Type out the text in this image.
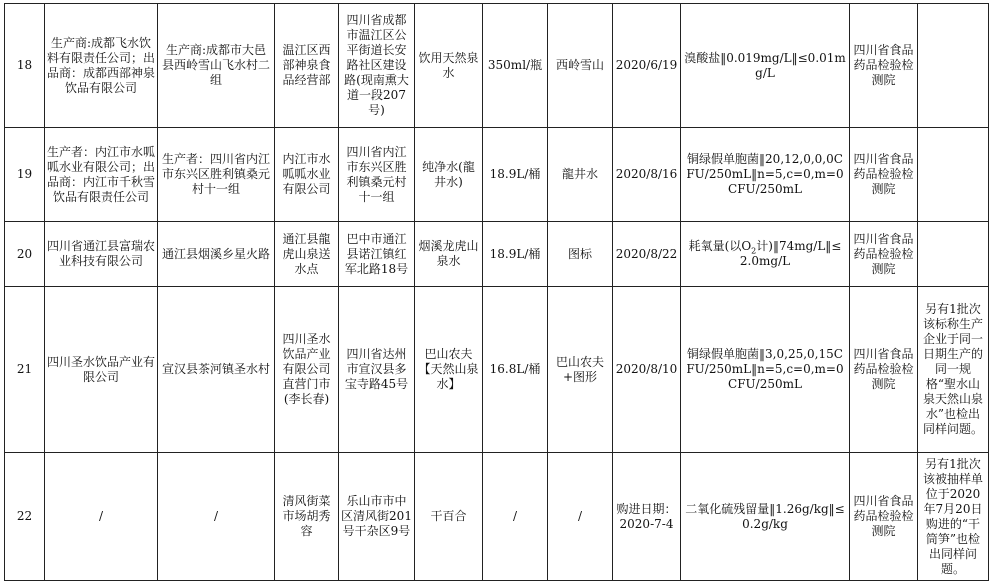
18	生产商:成都飞水饮料有限责任公司；出品商：成都西部神泉饮品有限公司	生产商:成都市大邑县西岭雪山飞水村二组	温江区西部神泉食品经营部	四川省成都市温江区公平街道长安路社区建设路(现南熏大道一段207号)	饮用天然泉水	350ml/瓶	西岭雪山	2020/6/19	溴酸盐‖0.019mg/L‖≤0.01mg/L	四川省食品药品检验检测院	
19	生产者：内江市水呱呱水业有限公司；出品商：内江市千秋雪饮品有限责任公司	生产者：四川省内江市东兴区胜利镇桑元村十一组	内江市水呱呱水业有限公司	四川省内江市东兴区胜利镇桑元村十一组	纯净水(龍井水)	18.9L/桶	龍井水	2020/8/16	铜绿假单胞菌‖20,12,0,0,0CFU/250mL‖n=5,c=0,m=0CFU/250mL	四川省食品药品检验检测院	
20	四川省通江县富瑞农业科技有限公司	通江县烟溪乡星火路	通江县龍虎山泉送水点	巴中市通江县诺江镇红军北路18号	烟溪龙虎山泉水	18.9L/桶	图标	2020/8/22	耗氧量(以$O_2$计)‖74mg/L‖≤2.0mg/L	四川省食品药品检验检测院	
21	四川圣水饮品产业有限公司	宣汉县茶河镇圣水村	四川圣水饮品产业有限公司直营门市(李长春)	四川省达州市宣汉县多宝寺路45号	巴山农夫【天然山泉水】	16.8L/桶	巴山农夫+图形	2020/8/10	铜绿假单胞菌‖3,0,25,0,15CFU/250mL‖n=5,c=0,m=0CFU/250mL	四川省食品药品检验检测院	另有1批次该标称生产企业于同一日期生产的同一规格“聖水山泉天然山泉水”也检出同样问题。
22	/	/	清风街菜市场胡秀容	乐山市市中区清风街201号干杂区9号	干百合	/	/	购进日期：2020-7-4	二氧化硫残留量‖1.26g/kg‖≤0.2g/kg	四川省食品药品检验检测院	另有1批次该被抽样单位于2020年7月20日购进的“干筒笋”也检出同样问题。
